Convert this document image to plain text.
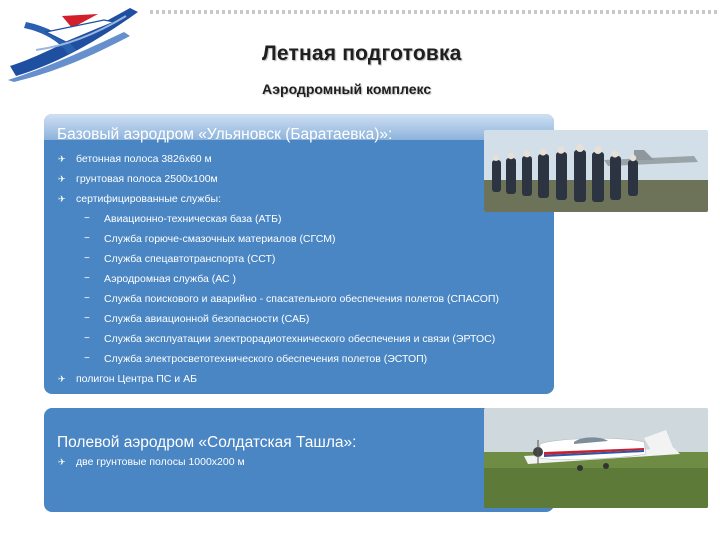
Летная подготовка
Аэродромный комплекс
Базовый аэродром «Ульяновск (Баратаевка)»:
✈ бетонная полоса 3826х60 м
✈ грунтовая полоса 2500х100м
✈ сертифицированные службы:
−	Авиационно-техническая база (АТБ)
−	Служба горюче-смазочных материалов (СГСМ)
−	Служба спецавтотранспорта (ССТ)
−	Аэродромная служба (АС )
−	Служба поискового и аварийно - спасательного обеспечения полетов (СПАСОП)
−	Служба авиационной безопасности (САБ)
−	Служба эксплуатации электрорадиотехнического обеспечения и связи (ЭРТОС)
−	Служба электросветотехнического обеспечения полетов (ЭСТОП)
✈ полигон Центра ПС и АБ
✈ участок практического обучения
Полевой аэродром «Солдатская Ташла»:
✈ две грунтовые полосы 1000х200 м
